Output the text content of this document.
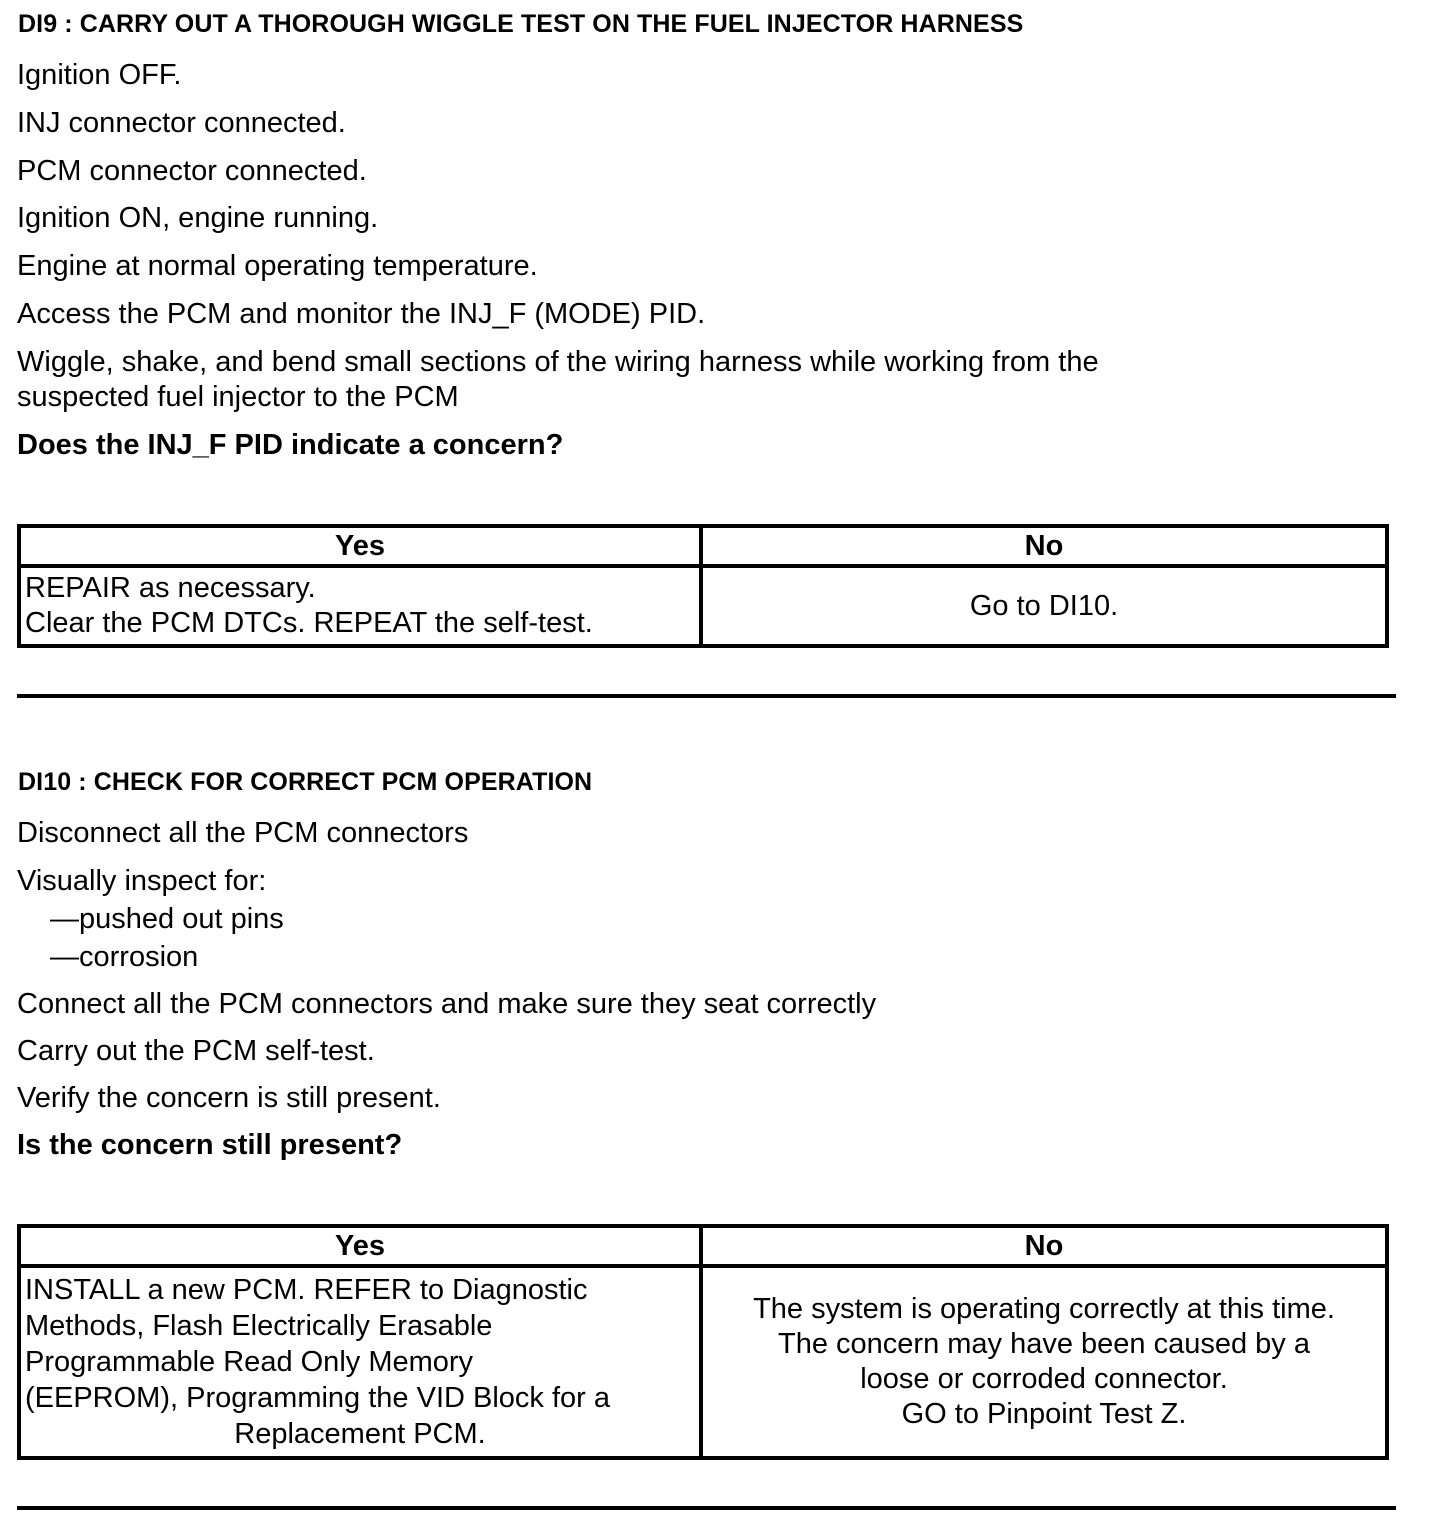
DI9 : CARRY OUT A THOROUGH WIGGLE TEST ON THE FUEL INJECTOR HARNESS
Ignition OFF.
INJ connector connected.
PCM connector connected.
Ignition ON, engine running.
Engine at normal operating temperature.
Access the PCM and monitor the INJ_F (MODE) PID.
Wiggle, shake, and bend small sections of the wiring harness while working from the
suspected fuel injector to the PCM
Does the INJ_F PID indicate a concern?
Yes	No

REPAIR as necessary.
Clear the PCM DTCs. REPEAT the self-test.	Go to DI10.
DI10 : CHECK FOR CORRECT PCM OPERATION
Disconnect all the PCM connectors
Visually inspect for:
—pushed out pins
—corrosion
Connect all the PCM connectors and make sure they seat correctly
Carry out the PCM self-test.
Verify the concern is still present.
Is the concern still present?
Yes	No

INSTALL a new PCM. REFER to Diagnostic
Methods, Flash Electrically Erasable
Programmable Read Only Memory
(EEPROM), Programming the VID Block for a
Replacement PCM.	The system is operating correctly at this time.
The concern may have been caused by a
loose or corroded connector.
GO to Pinpoint Test Z.
